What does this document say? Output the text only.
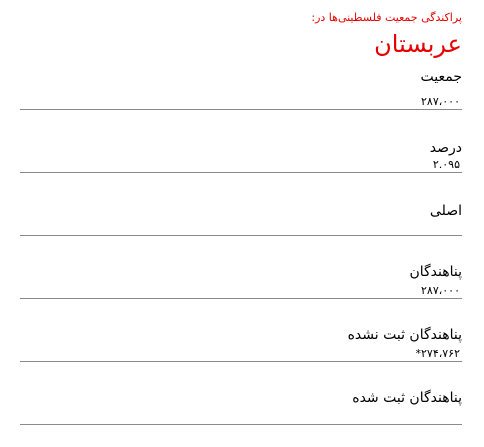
پراکندگی جمعیت فلسطینی‌ها در:
عربستان
جمعیت
۲۸۷،۰۰۰
درصد
۲.۰۹۵
اصلی
پناهندگان
۲۸۷،۰۰۰
پناهندگان ثبت نشده
۲۷۴،۷۶۲*
پناهندگان ثبت شده
